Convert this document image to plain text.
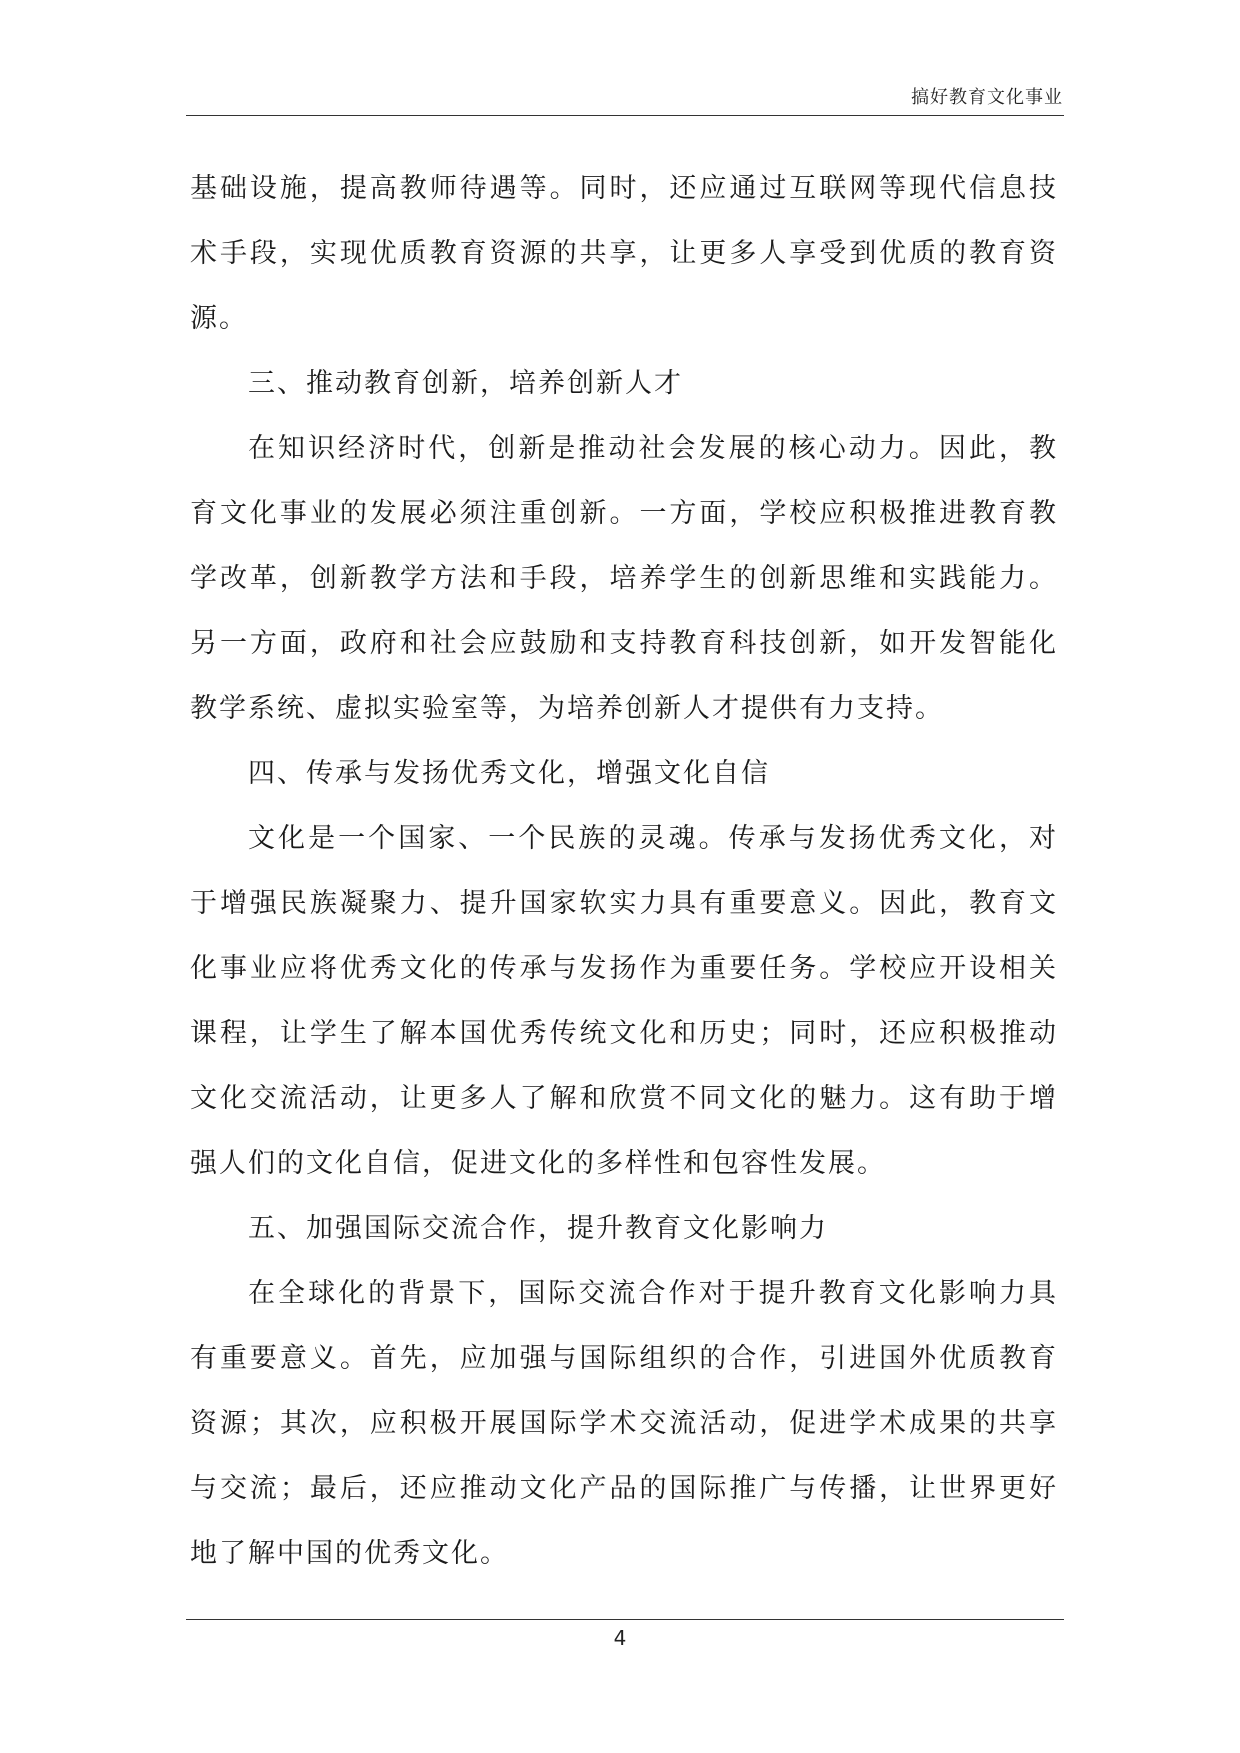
搞好教育文化事业
基础设施，提高教师待遇等。同时，还应通过互联网等现代信息技
术手段，实现优质教育资源的共享，让更多人享受到优质的教育资
源。
三、推动教育创新，培养创新人才
在知识经济时代，创新是推动社会发展的核心动力。因此，教
育文化事业的发展必须注重创新。一方面，学校应积极推进教育教
学改革，创新教学方法和手段，培养学生的创新思维和实践能力。
另一方面，政府和社会应鼓励和支持教育科技创新，如开发智能化
教学系统、虚拟实验室等，为培养创新人才提供有力支持。
四、传承与发扬优秀文化，增强文化自信
文化是一个国家、一个民族的灵魂。传承与发扬优秀文化，对
于增强民族凝聚力、提升国家软实力具有重要意义。因此，教育文
化事业应将优秀文化的传承与发扬作为重要任务。学校应开设相关
课程，让学生了解本国优秀传统文化和历史；同时，还应积极推动
文化交流活动，让更多人了解和欣赏不同文化的魅力。这有助于增
强人们的文化自信，促进文化的多样性和包容性发展。
五、加强国际交流合作，提升教育文化影响力
在全球化的背景下，国际交流合作对于提升教育文化影响力具
有重要意义。首先，应加强与国际组织的合作，引进国外优质教育
资源；其次，应积极开展国际学术交流活动，促进学术成果的共享
与交流；最后，还应推动文化产品的国际推广与传播，让世界更好
地了解中国的优秀文化。
4
